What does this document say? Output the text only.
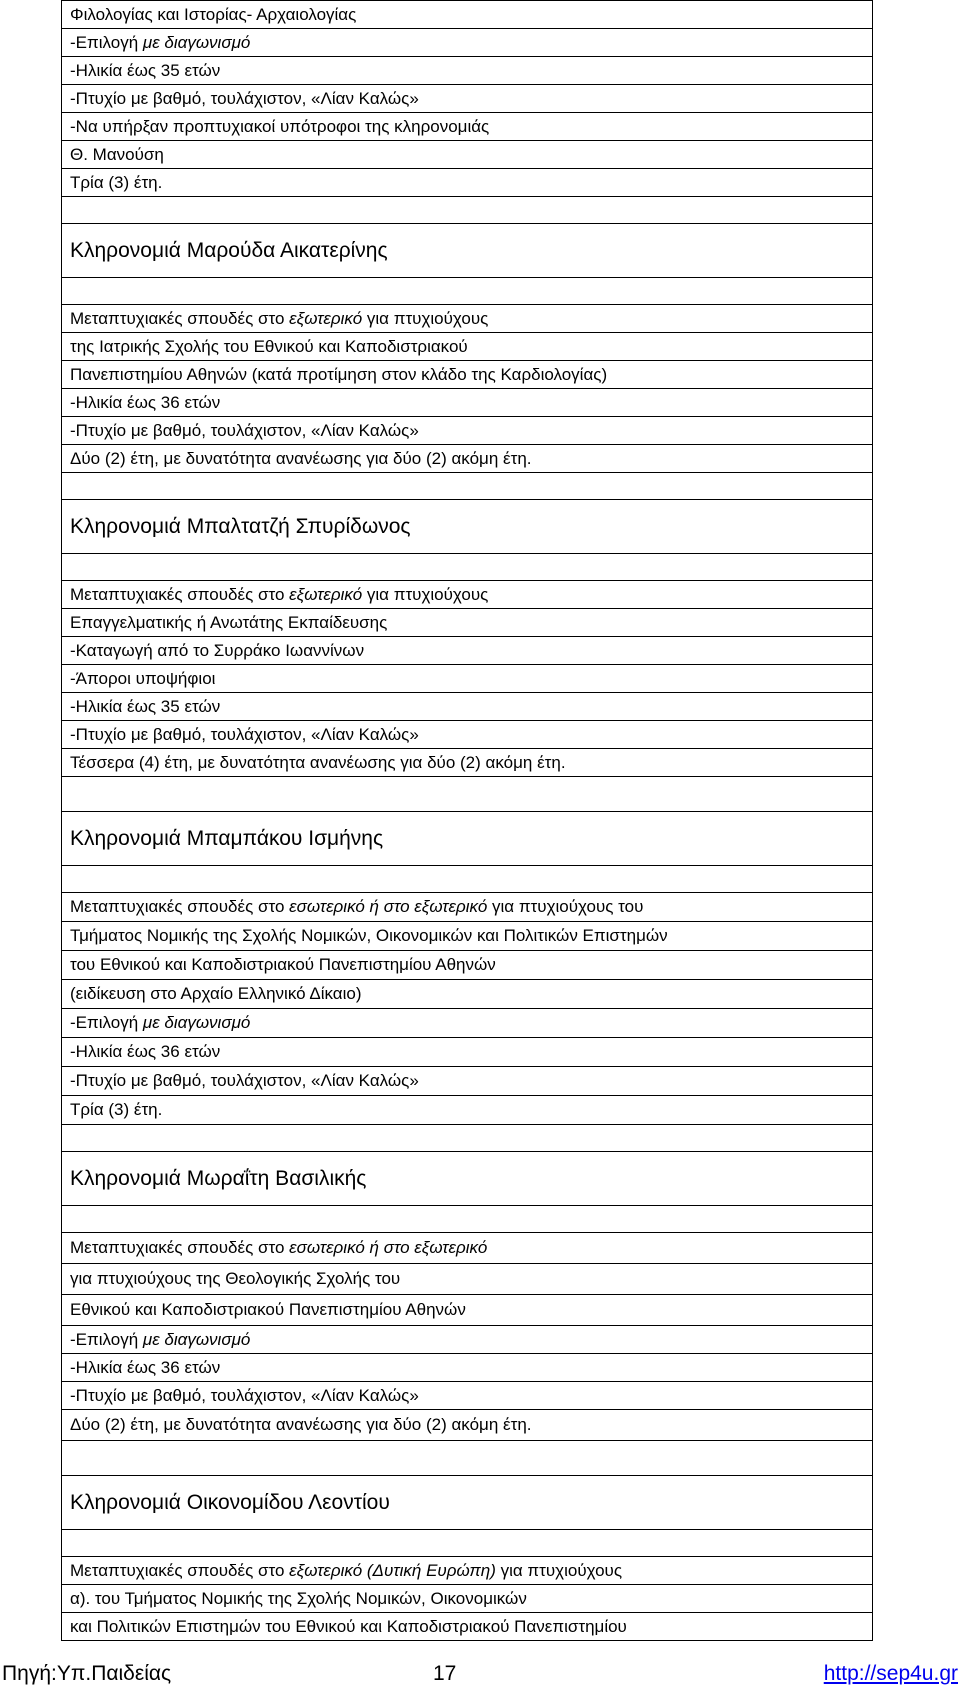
Φιλολογίας και Ιστορίας- Αρχαιολογίας
-Επιλογή με διαγωνισμό
-Ηλικία έως 35 ετών
-Πτυχίο με βαθμό, τουλάχιστον, «Λίαν Καλώς»
-Να υπήρξαν προπτυχιακοί υπότροφοι της κληρονομιάς
Θ. Μανούση
Τρία (3) έτη.

Κληρονομιά Μαρούδα Αικατερίνης

Μεταπτυχιακές σπουδές στο εξωτερικό για πτυχιούχους
της Ιατρικής Σχολής του Εθνικού και Καποδιστριακού
Πανεπιστημίου Αθηνών (κατά προτίμηση στον κλάδο της Καρδιολογίας)
-Ηλικία έως 36 ετών
-Πτυχίο με βαθμό, τουλάχιστον, «Λίαν Καλώς»
Δύο (2) έτη, με δυνατότητα ανανέωσης για δύο (2) ακόμη έτη.

Κληρονομιά Μπαλτατζή Σπυρίδωνος

Μεταπτυχιακές σπουδές στο εξωτερικό για πτυχιούχους
Επαγγελματικής ή Ανωτάτης Εκπαίδευσης
-Καταγωγή από το Συρράκο Ιωαννίνων
-Άποροι υποψήφιοι
-Ηλικία έως 35 ετών
-Πτυχίο με βαθμό, τουλάχιστον, «Λίαν Καλώς»
Τέσσερα (4) έτη, με δυνατότητα ανανέωσης για δύο (2) ακόμη έτη.

Κληρονομιά Μπαμπάκου Ισμήνης

Μεταπτυχιακές σπουδές στο εσωτερικό ή στο εξωτερικό για πτυχιούχους του
Τμήματος Νομικής της Σχολής Νομικών, Οικονομικών και Πολιτικών Επιστημών
του Εθνικού και Καποδιστριακού Πανεπιστημίου Αθηνών
(ειδίκευση στο Αρχαίο Ελληνικό Δίκαιο)
-Επιλογή με διαγωνισμό
-Ηλικία έως 36 ετών
-Πτυχίο με βαθμό, τουλάχιστον, «Λίαν Καλώς»
Τρία (3) έτη.

Κληρονομιά Μωραΐτη Βασιλικής

Μεταπτυχιακές σπουδές στο εσωτερικό ή στο εξωτερικό
για πτυχιούχους της Θεολογικής Σχολής του
Εθνικού και Καποδιστριακού Πανεπιστημίου Αθηνών
-Επιλογή με διαγωνισμό
-Ηλικία έως 36 ετών
-Πτυχίο με βαθμό, τουλάχιστον, «Λίαν Καλώς»
Δύο (2) έτη, με δυνατότητα ανανέωσης για δύο (2) ακόμη έτη.

Κληρονομιά Οικονομίδου Λεοντίου

Μεταπτυχιακές σπουδές στο εξωτερικό (Δυτική Ευρώπη) για πτυχιούχους
α). του Τμήματος Νομικής της Σχολής Νομικών, Οικονομικών
και Πολιτικών Επιστημών του Εθνικού και Καποδιστριακού Πανεπιστημίου
Πηγή:Υπ.Παιδείας	17	http://sep4u.gr
